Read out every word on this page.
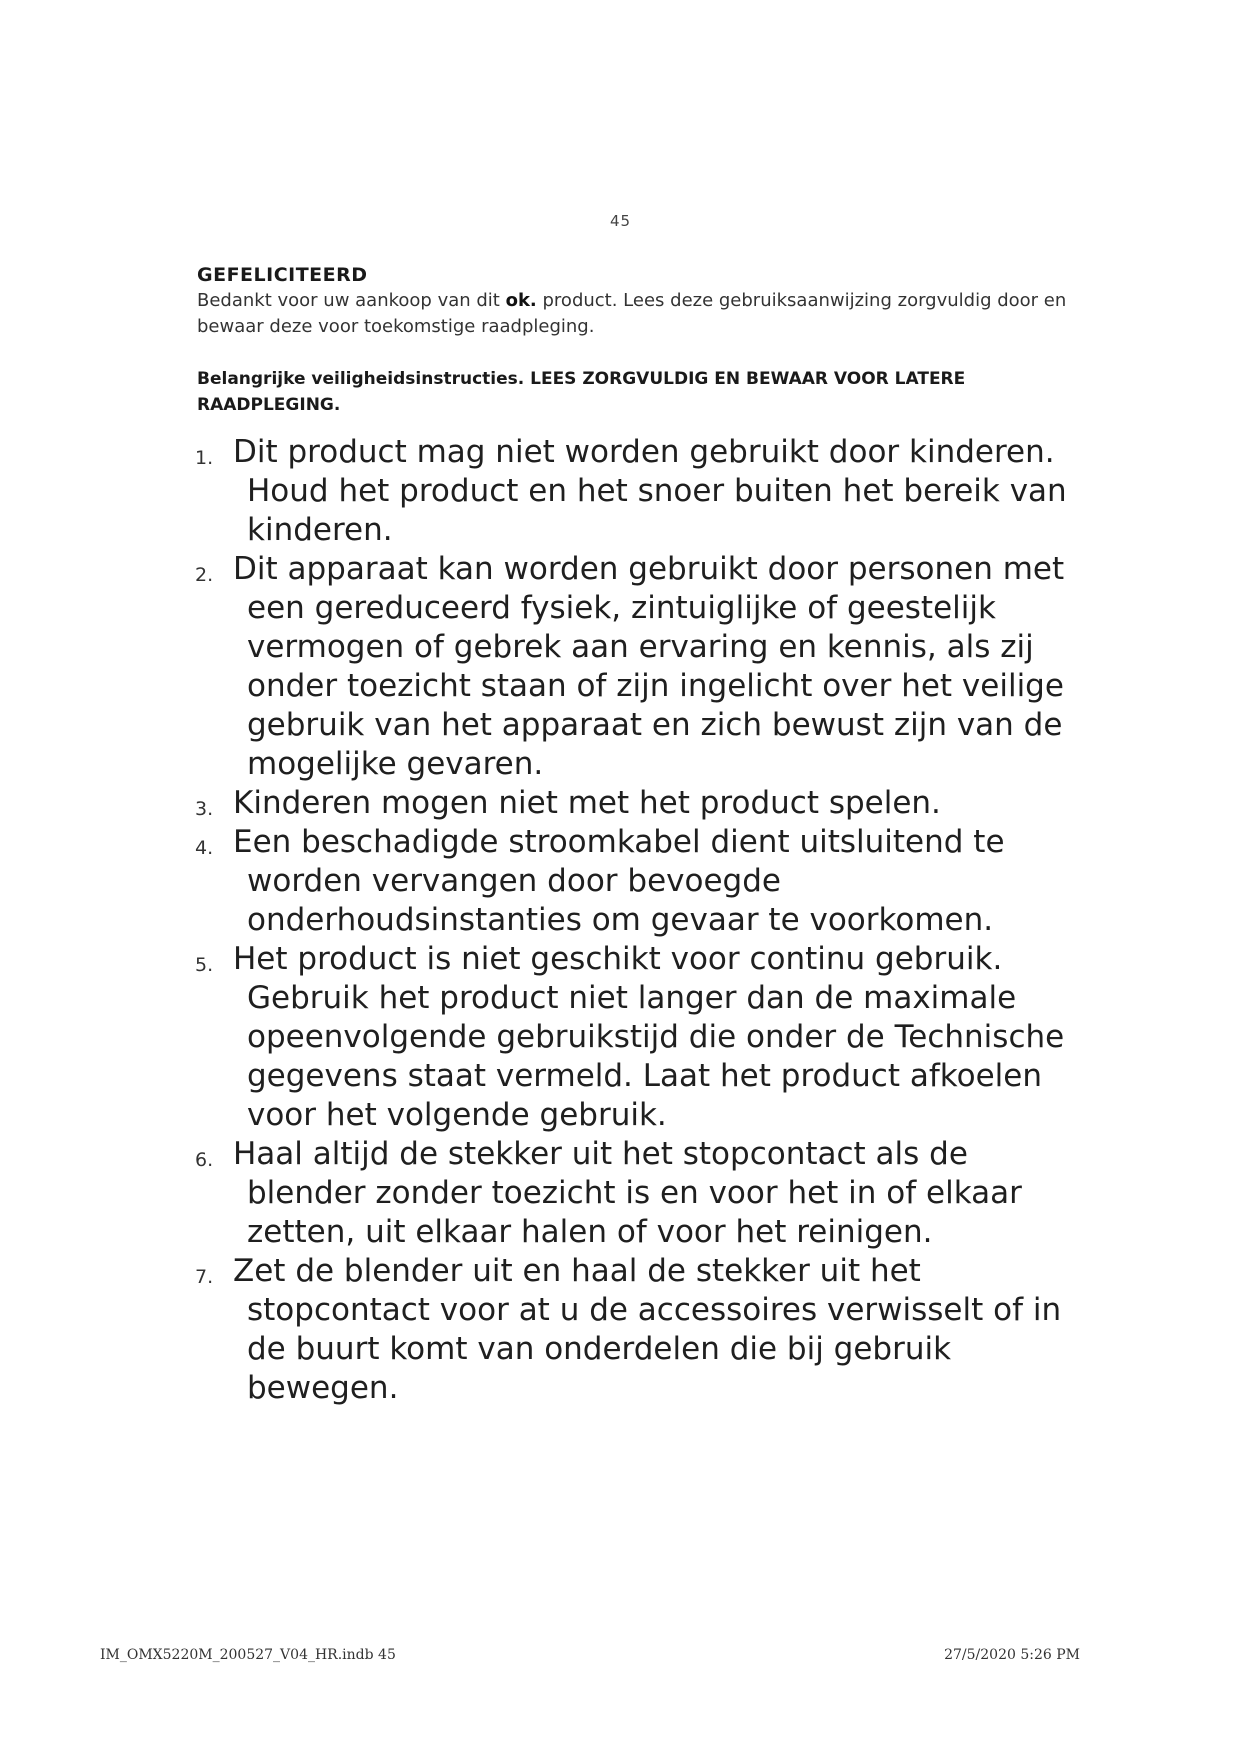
45

GEFELICITEERD

Bedankt voor uw aankoop van dit ok. product. Lees deze gebruiksaanwijzing zorgvuldig door en bewaar deze voor toekomstige raadpleging.

Belangrijke veiligheidsinstructies. LEES ZORGVULDIG EN BEWAAR VOOR LATERE RAADPLEGING.

1. Dit product mag niet worden gebruikt door kinderen. Houd het product en het snoer buiten het bereik van kinderen.
2. Dit apparaat kan worden gebruikt door personen met een gereduceerd fysiek, zintuiglijke of geestelijk vermogen of gebrek aan ervaring en kennis, als zij onder toezicht staan of zijn ingelicht over het veilige gebruik van het apparaat en zich bewust zijn van de mogelijke gevaren.
3. Kinderen mogen niet met het product spelen.
4. Een beschadigde stroomkabel dient uitsluitend te worden vervangen door bevoegde onderhoudsinstanties om gevaar te voorkomen.
5. Het product is niet geschikt voor continu gebruik. Gebruik het product niet langer dan de maximale opeenvolgende gebruikstijd die onder de Technische gegevens staat vermeld. Laat het product afkoelen voor het volgende gebruik.
6. Haal altijd de stekker uit het stopcontact als de blender zonder toezicht is en voor het in of elkaar zetten, uit elkaar halen of voor het reinigen.
7. Zet de blender uit en haal de stekker uit het stopcontact voor at u de accessoires verwisselt of in de buurt komt van onderdelen die bij gebruik bewegen.
IM_OMX5220M_200527_V04_HR.indb 45	27/5/2020 5:26 PM
